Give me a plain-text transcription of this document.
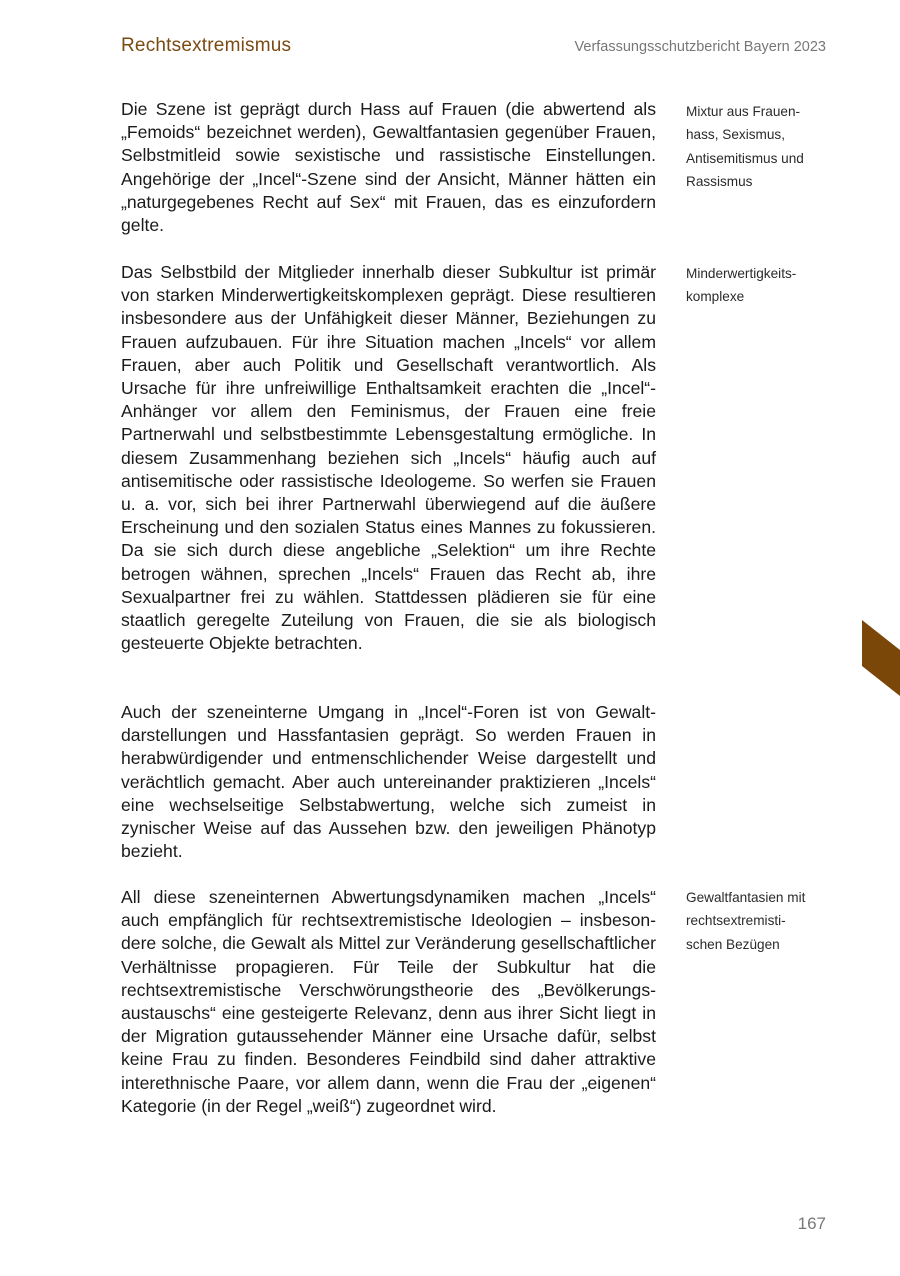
Rechtsextremismus	Verfassungsschutzbericht Bayern 2023

Die Szene ist geprägt durch Hass auf Frauen (die abwertend als „Femoids“ bezeichnet werden), Gewaltfantasien gegenüber Frauen, Selbstmitleid sowie sexistische und rassistische Einstellungen. Angehörige der „Incel“-Szene sind der Ansicht, Männer hätten ein „naturgegebenes Recht auf Sex“ mit Frauen, das es einzufordern gelte.

Das Selbstbild der Mitglieder innerhalb dieser Subkultur ist primär von starken Minderwertigkeitskomplexen geprägt. Diese resultieren insbesondere aus der Unfähigkeit dieser Männer, Beziehungen zu Frauen aufzubauen. Für ihre Situation machen „Incels“ vor allem Frauen, aber auch Politik und Gesellschaft verantwortlich. Als Ursache für ihre unfreiwillige Enthaltsamkeit erachten die „Incel“-Anhänger vor allem den Feminismus, der Frauen eine freie Partnerwahl und selbstbestimmte Lebensgestaltung ermögliche. In diesem Zusammenhang beziehen sich „Incels“ häufig auch auf antisemitische oder rassistische Ideologeme. So werfen sie Frauen u. a. vor, sich bei ihrer Partnerwahl überwiegend auf die äußere Erscheinung und den sozialen Status eines Mannes zu fokussieren. Da sie sich durch diese angebliche „Selektion“ um ihre Rechte betrogen wähnen, sprechen „Incels“ Frauen das Recht ab, ihre Sexualpartner frei zu wählen. Stattdessen plädieren sie für eine staatlich geregelte Zuteilung von Frauen, die sie als biologisch gesteuerte Objekte betrachten.

Auch der szeneinterne Umgang in „Incel“-Foren ist von Gewaltdarstellungen und Hassfantasien geprägt. So werden Frauen in herabwürdigender und entmenschlichender Weise dargestellt und verächtlich gemacht. Aber auch untereinander praktizieren „Incels“ eine wechselseitige Selbstabwertung, welche sich zumeist in zynischer Weise auf das Aussehen bzw. den jeweiligen Phänotyp bezieht.

All diese szeneinternen Abwertungsdynamiken machen „Incels“ auch empfänglich für rechtsextremistische Ideologien – insbesondere solche, die Gewalt als Mittel zur Veränderung gesellschaftlicher Verhältnisse propagieren. Für Teile der Subkultur hat die rechtsextremistische Verschwörungstheorie des „Bevölkerungsaustauschs“ eine gesteigerte Relevanz, denn aus ihrer Sicht liegt in der Migration gutaussehender Männer eine Ursache dafür, selbst keine Frau zu finden. Besonderes Feindbild sind daher attraktive interethnische Paare, vor allem dann, wenn die Frau der „eigenen“ Kategorie (in der Regel „weiß“) zugeordnet wird.

Mixtur aus Frauen-
hass, Sexismus,
Antisemitismus und
Rassismus

Minderwertigkeits-
komplexe

Gewaltfantasien mit
rechtsextremisti-
schen Bezügen

167
